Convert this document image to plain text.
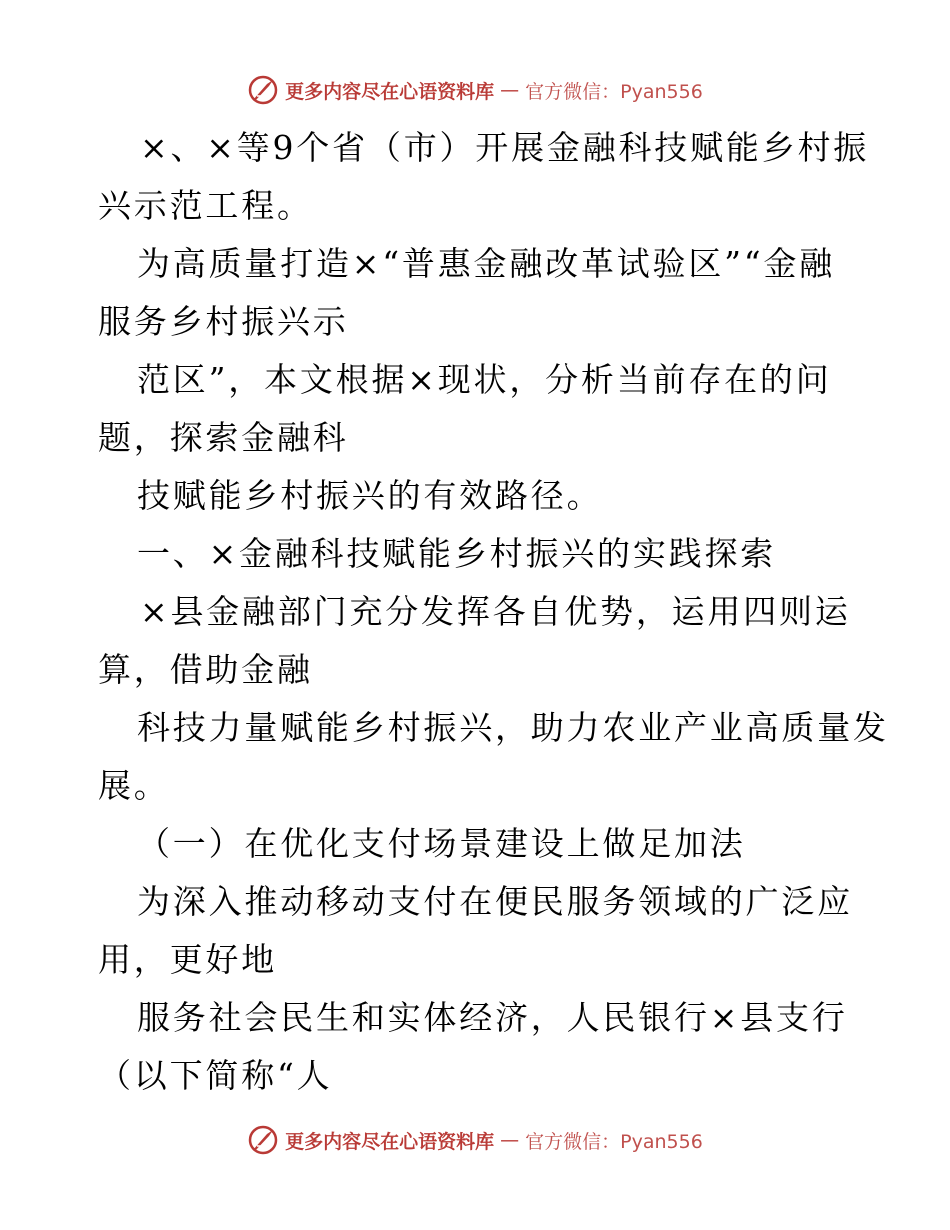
更多内容尽在心语资料库 — 官方微信：Pyan556
×、×等9个省（市）开展金融科技赋能乡村振
兴示范工程。
为高质量打造×“普惠金融改革试验区”“金融
服务乡村振兴示
范区”，本文根据×现状，分析当前存在的问
题，探索金融科
技赋能乡村振兴的有效路径。
一、×金融科技赋能乡村振兴的实践探索
×县金融部门充分发挥各自优势，运用四则运
算，借助金融
科技力量赋能乡村振兴，助力农业产业高质量发
展。
（一）在优化支付场景建设上做足加法
为深入推动移动支付在便民服务领域的广泛应
用，更好地
服务社会民生和实体经济，人民银行×县支行
（以下简称“人
更多内容尽在心语资料库 — 官方微信：Pyan556
